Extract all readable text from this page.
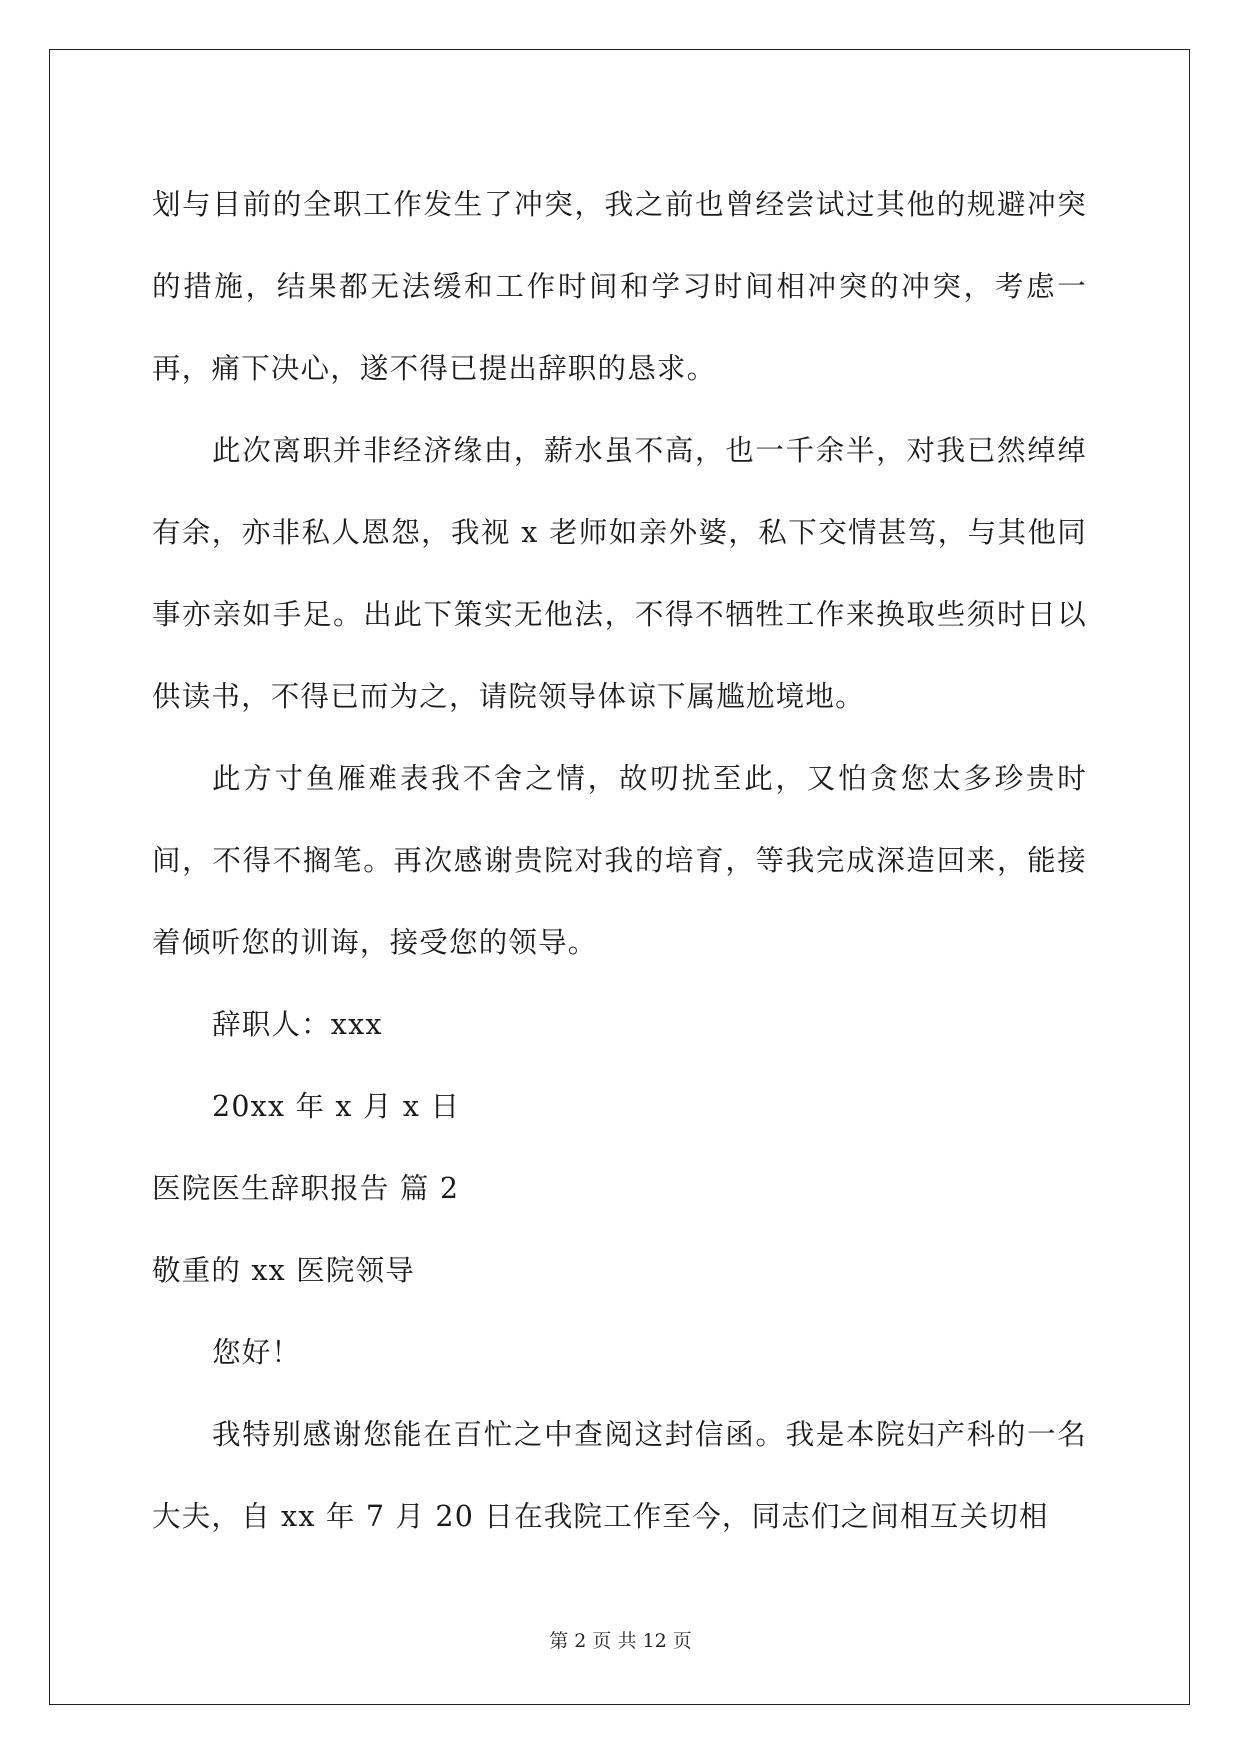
划与目前的全职工作发生了冲突，我之前也曾经尝试过其他的规避冲突的措施，结果都无法缓和工作时间和学习时间相冲突的冲突，考虑一再，痛下决心，遂不得已提出辞职的恳求。

此次离职并非经济缘由，薪水虽不高，也一千余半，对我已然绰绰有余，亦非私人恩怨，我视 x 老师如亲外婆，私下交情甚笃，与其他同事亦亲如手足。出此下策实无他法，不得不牺牲工作来换取些须时日以供读书，不得已而为之，请院领导体谅下属尴尬境地。

此方寸鱼雁难表我不舍之情，故叨扰至此，又怕贪您太多珍贵时间，不得不搁笔。再次感谢贵院对我的培育，等我完成深造回来，能接着倾听您的训诲，接受您的领导。

辞职人：xxx

20xx 年 x 月 x 日

医院医生辞职报告 篇 2

敬重的 xx 医院领导

您好！

我特别感谢您能在百忙之中查阅这封信函。我是本院妇产科的一名大夫，自 xx 年 7 月 20 日在我院工作至今，同志们之间相互关切相

第 2 页 共 12 页
